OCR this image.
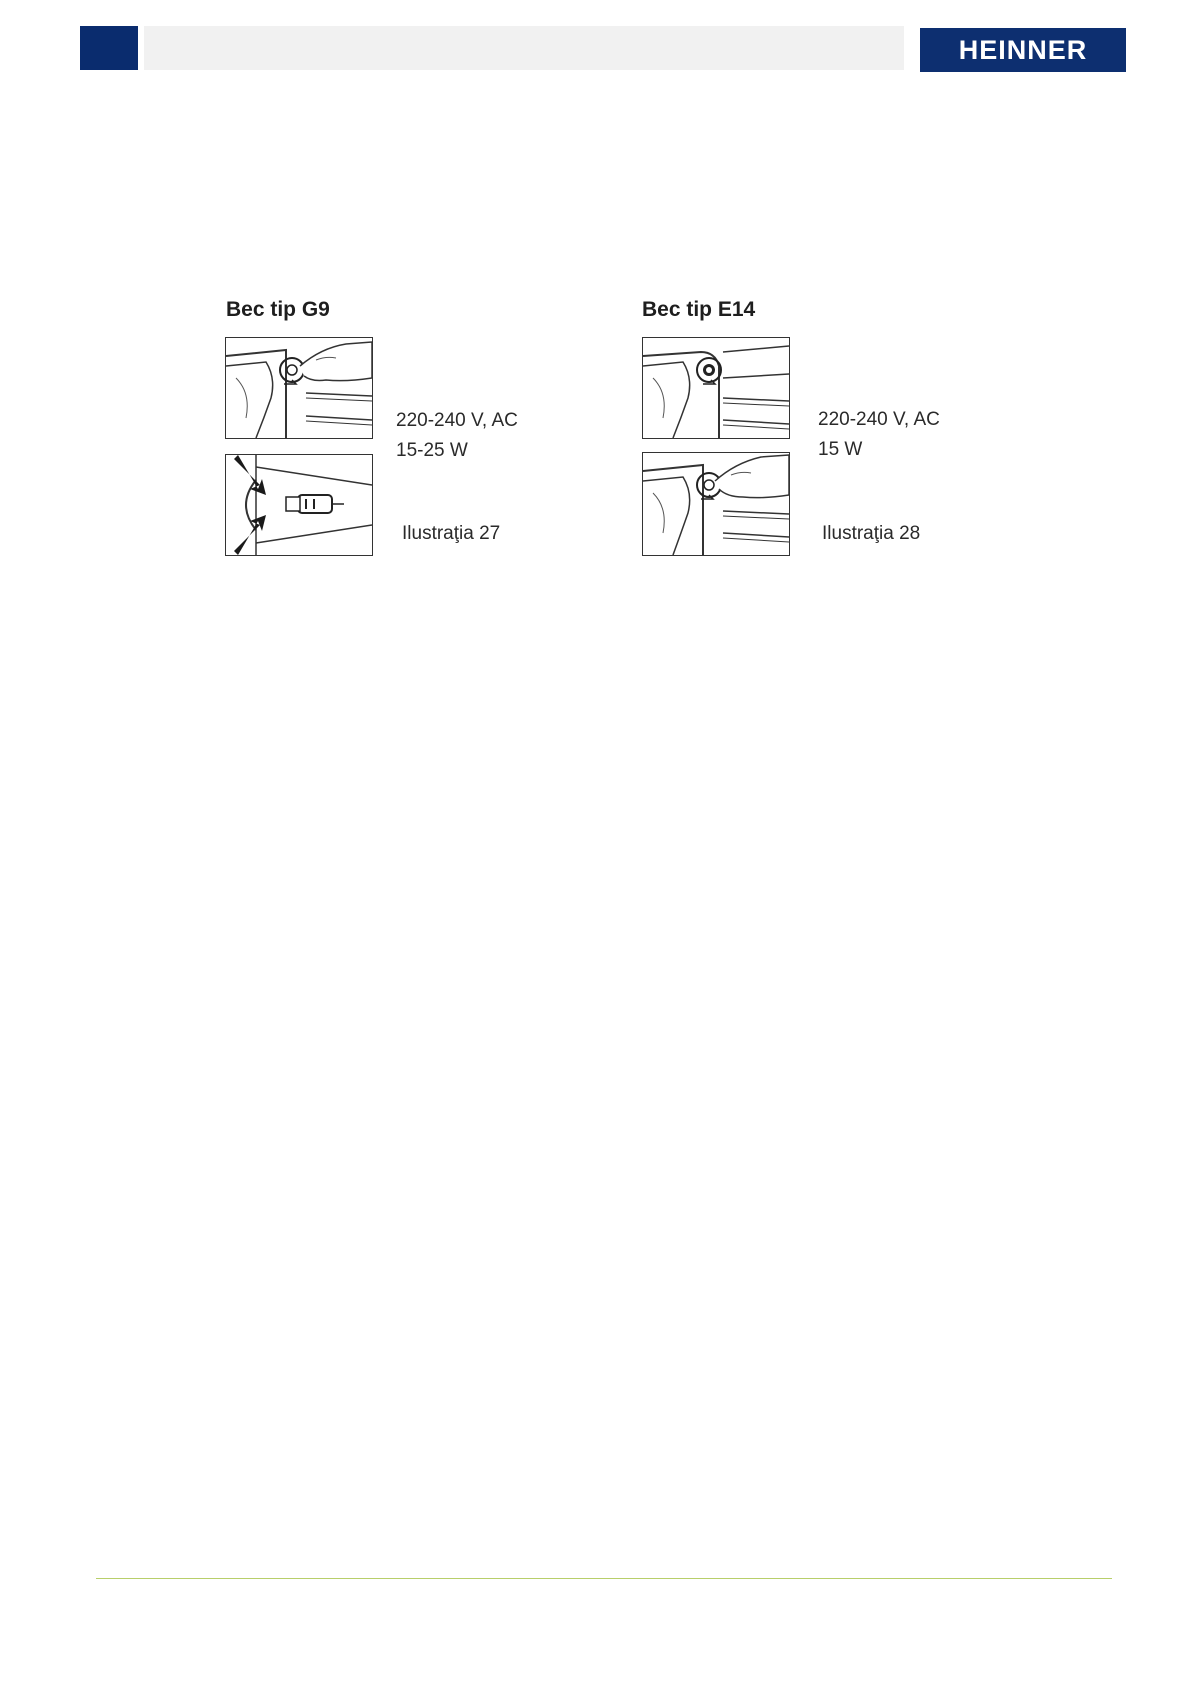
HEINNER
Bec tip G9
220-240 V, AC
15-25 W
Ilustraţia 27
Bec tip E14
220-240 V, AC
15 W
Ilustraţia 28
